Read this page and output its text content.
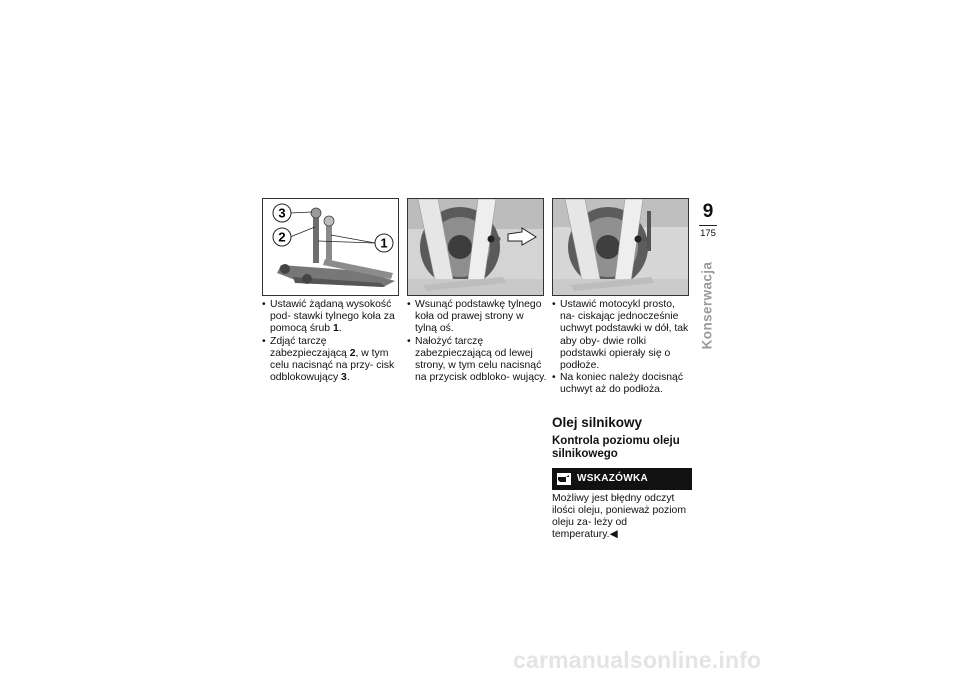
3
2	1
• Ustawić żądaną wysokość pod- stawki tylnego koła za pomocą śrub 1.
• Zdjąć tarczę zabezpieczającą 2, w tym celu nacisnąć na przy- cisk odblokowujący 3.
• Wsunąć podstawkę tylnego koła od prawej strony w tylną oś.
• Nałożyć tarczę zabezpieczającą od lewej strony, w tym celu nacisnąć na przycisk odbloko- wujący.
• Ustawić motocykl prosto, na- ciskając jednocześnie uchwyt podstawki w dół, tak aby oby- dwie rolki podstawki opierały się o podłoże.
• Na koniec należy docisnąć uchwyt aż do podłoża.
Olej silnikowy
Kontrola poziomu oleju silnikowego
WSKAZÓWKA
Możliwy jest błędny odczyt ilości oleju, ponieważ poziom oleju za- leży od temperatury.◀
9
175
Konserwacja
carmanualsonline.info
